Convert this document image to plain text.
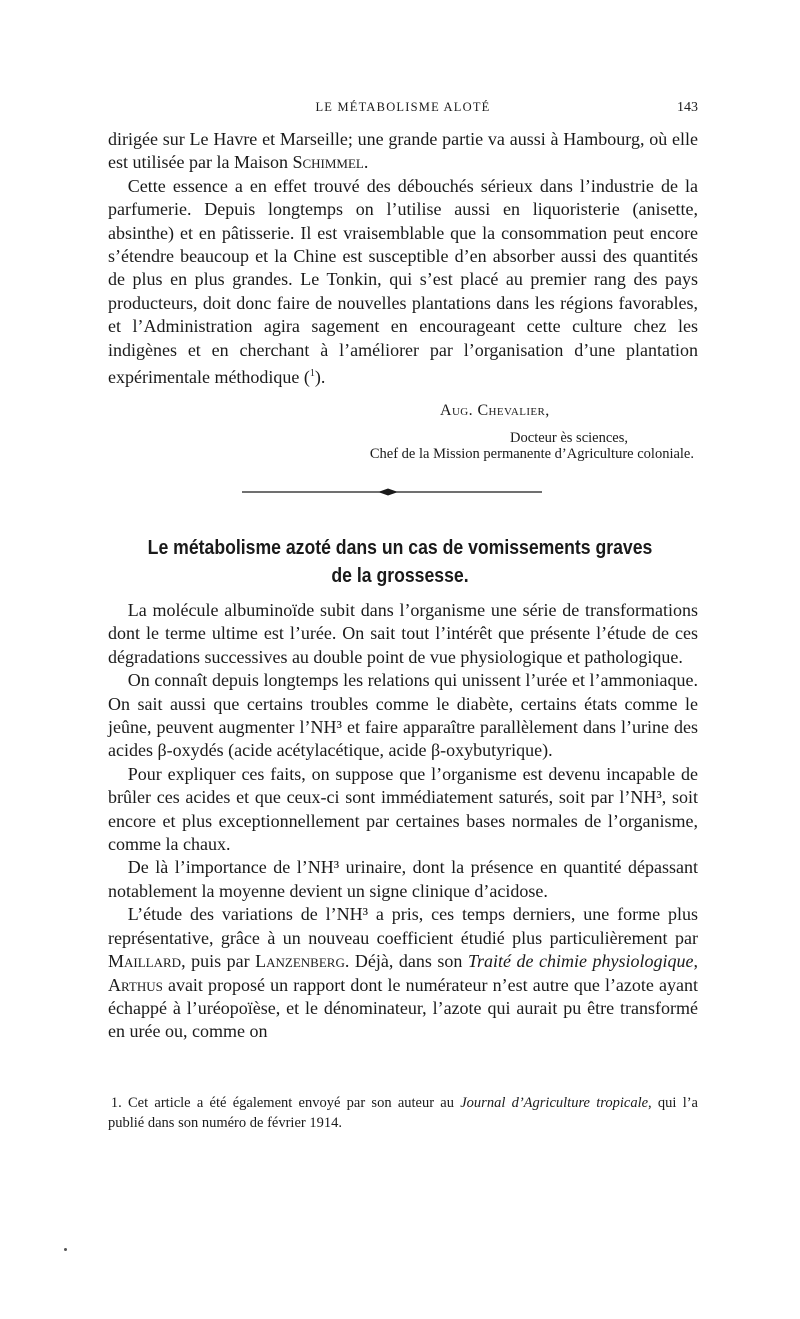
LE MÉTABOLISME ALOTÉ	143

dirigée sur Le Havre et Marseille; une grande partie va aussi à Hambourg, où elle est utilisée par la Maison Schimmel.

Cette essence a en effet trouvé des débouchés sérieux dans l’industrie de la parfumerie. Depuis longtemps on l’utilise aussi en liquoristerie (anisette, absinthe) et en pâtisserie. Il est vraisemblable que la consommation peut encore s’étendre beaucoup et la Chine est susceptible d’en absorber aussi des quantités de plus en plus grandes. Le Tonkin, qui s’est placé au premier rang des pays producteurs, doit donc faire de nouvelles plantations dans les régions favorables, et l’Administration agira sagement en encourageant cette culture chez les indigènes et en cherchant à l’améliorer par l’organisation d’une plantation expérimentale méthodique ($^1$).

Aug. Chevalier,
Docteur ès sciences,
Chef de la Mission permanente d’Agriculture coloniale.
Le métabolisme azoté dans un cas de vomissements graves
de la grossesse.

La molécule albuminoïde subit dans l’organisme une série de transformations dont le terme ultime est l’urée. On sait tout l’intérêt que présente l’étude de ces dégradations successives au double point de vue physiologique et pathologique.

On connaît depuis longtemps les relations qui unissent l’urée et l’ammoniaque. On sait aussi que certains troubles comme le diabète, certains états comme le jeûne, peuvent augmenter l’NH³ et faire apparaître parallèlement dans l’urine des acides β-oxydés (acide acétylacétique, acide β-oxybutyrique).

Pour expliquer ces faits, on suppose que l’organisme est devenu incapable de brûler ces acides et que ceux-ci sont immédiatement saturés, soit par l’NH³, soit encore et plus exceptionnellement par certaines bases normales de l’organisme, comme la chaux.

De là l’importance de l’NH³ urinaire, dont la présence en quantité dépassant notablement la moyenne devient un signe clinique d’acidose.

L’étude des variations de l’NH³ a pris, ces temps derniers, une forme plus représentative, grâce à un nouveau coefficient étudié plus particulièrement par Maillard, puis par Lanzenberg. Déjà, dans son Traité de chimie physiologique, Arthus avait proposé un rapport dont le numérateur n’est autre que l’azote ayant échappé à l’uréopoïèse, et le dénominateur, l’azote qui aurait pu être transformé en urée ou, comme on

1. Cet article a été également envoyé par son auteur au Journal d’Agriculture tropicale, qui l’a publié dans son numéro de février 1914.
